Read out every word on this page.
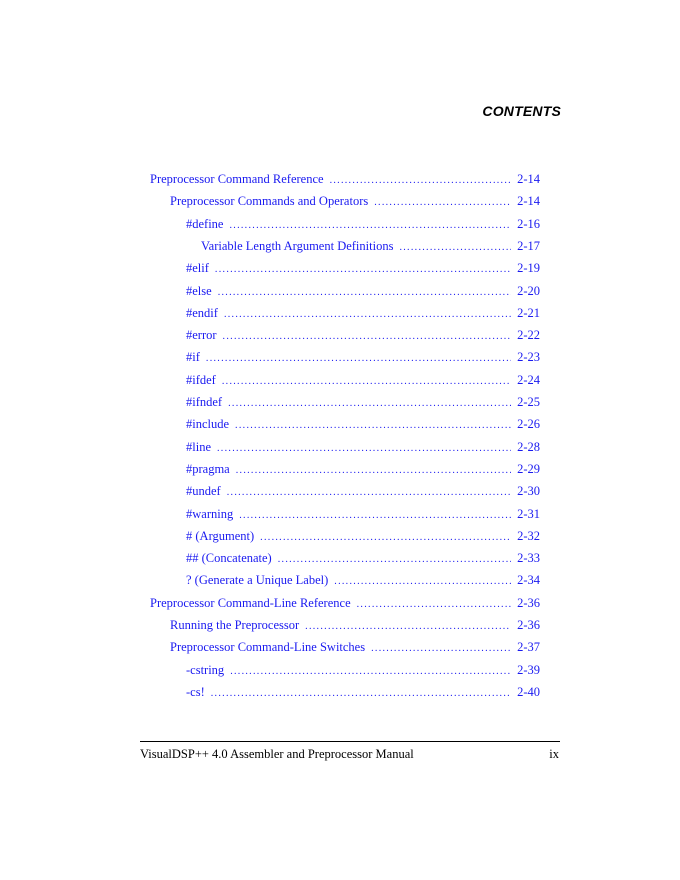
CONTENTS
Preprocessor Command Reference .....	2-14
Preprocessor Commands and Operators .....	2-14
#define .....	2-16
Variable Length Argument Definitions .....	2-17
#elif .....	2-19
#else .....	2-20
#endif .....	2-21
#error .....	2-22
#if .....	2-23
#ifdef .....	2-24
#ifndef .....	2-25
#include .....	2-26
#line .....	2-28
#pragma .....	2-29
#undef .....	2-30
#warning .....	2-31
# (Argument) .....	2-32
## (Concatenate) .....	2-33
? (Generate a Unique Label) .....	2-34
Preprocessor Command-Line Reference .....	2-36
Running the Preprocessor .....	2-36
Preprocessor Command-Line Switches .....	2-37
-cstring .....	2-39
-cs! .....	2-40
VisualDSP++ 4.0 Assembler and Preprocessor Manual	ix
